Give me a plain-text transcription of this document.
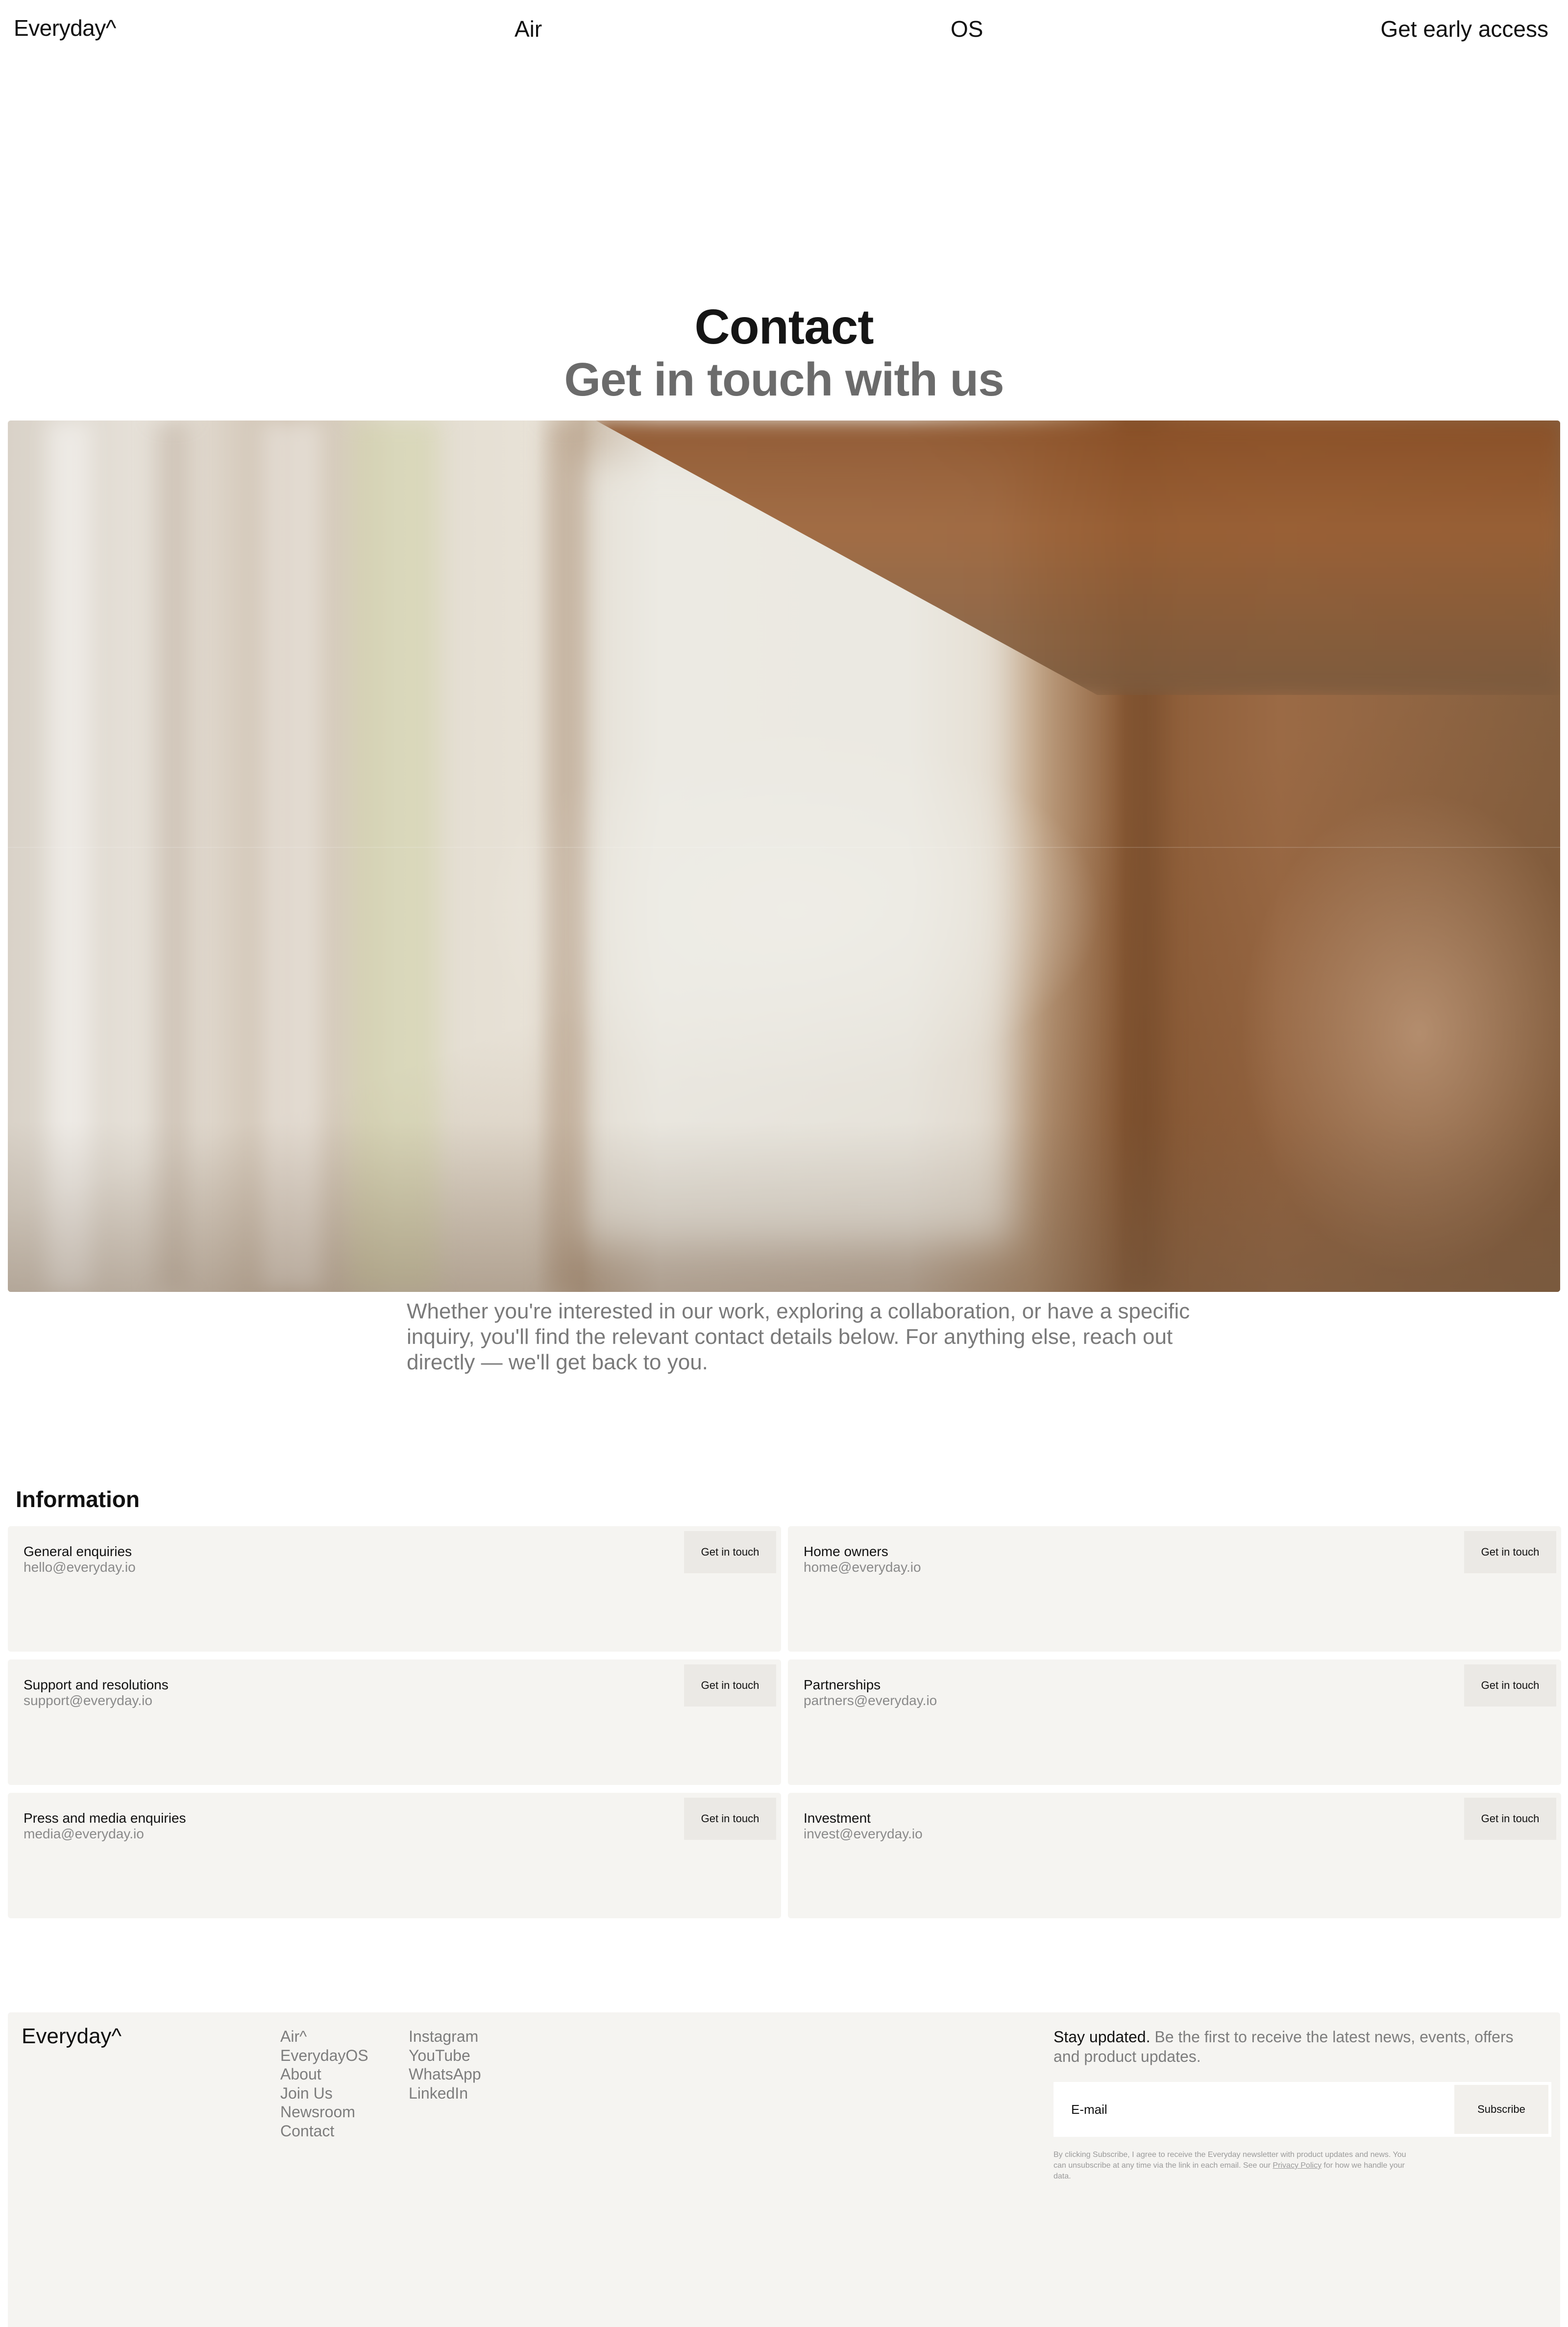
Everyday^	Air	OS	Get early access
Contact
Get in touch with us

Whether you're interested in our work, exploring a collaboration, or have a specific inquiry, you'll find the relevant contact details below. For anything else, reach out directly — we'll get back to you.

Information
General enquiries
hello@everyday.io
Get in touch	Home owners
home@everyday.io
Get in touch
Support and resolutions
support@everyday.io
Get in touch	Partnerships
partners@everyday.io
Get in touch
Press and media enquiries
media@everyday.io
Get in touch	Investment
invest@everyday.io
Get in touch
Everyday^	Air^
EverydayOS
About
Join Us
Newsroom
Contact
Instagram
YouTube
WhatsApp
LinkedIn
Stay updated. Be the first to receive the latest news, events, offers and product updates.
E-mail
Subscribe

By clicking Subscribe, I agree to receive the Everyday newsletter with product updates and news. You can unsubscribe at any time via the link in each email. See our Privacy Policy for how we handle your data.
